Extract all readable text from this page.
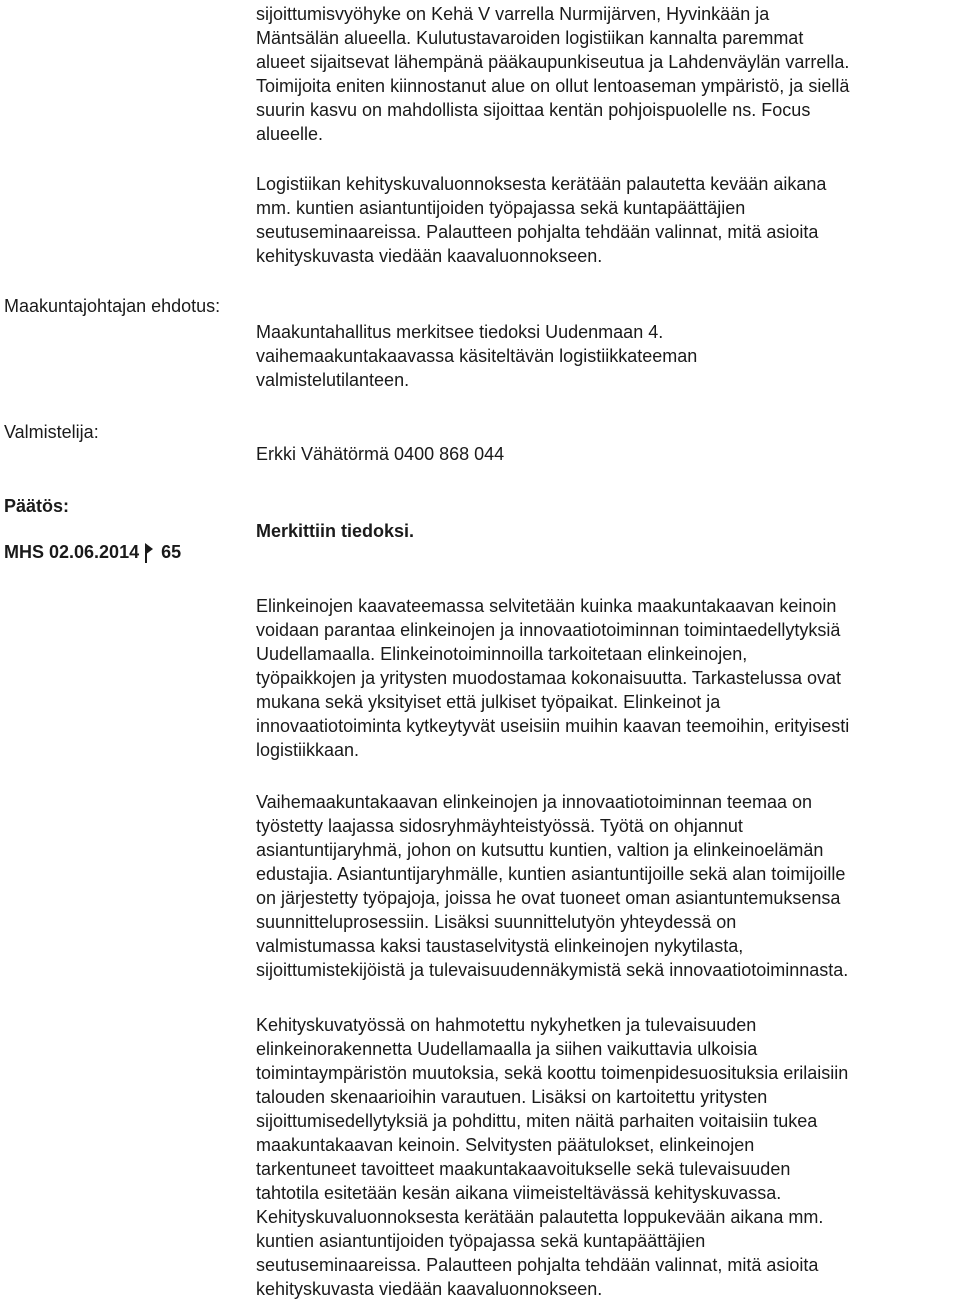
sijoittumisvyöhyke on Kehä V varrella Nurmijärven, Hyvinkään ja
Mäntsälän alueella. Kulutustavaroiden logistiikan kannalta paremmat
alueet sijaitsevat lähempänä pääkaupunkiseutua ja Lahdenväylän varrella.
Toimijoita eniten kiinnostanut alue on ollut lentoaseman ympäristö, ja siellä
suurin kasvu on mahdollista sijoittaa kentän pohjoispuolelle ns. Focus
alueelle.
Logistiikan kehityskuvaluonnoksesta kerätään palautetta kevään aikana
mm. kuntien asiantuntijoiden työpajassa sekä kuntapäättäjien
seutuseminaareissa. Palautteen pohjalta tehdään valinnat, mitä asioita
kehityskuvasta viedään kaavaluonnokseen.
Maakuntajohtajan ehdotus:
Maakuntahallitus merkitsee tiedoksi Uudenmaan 4.
vaihemaakuntakaavassa käsiteltävän logistiikkateeman
valmistelutilanteen.
Valmistelija:
Erkki Vähätörmä 0400 868 044
Päätös:
Merkittiin tiedoksi.
MHS 02.06.2014 65
Elinkeinojen kaavateemassa selvitetään kuinka maakuntakaavan keinoin
voidaan parantaa elinkeinojen ja innovaatiotoiminnan toimintaedellytyksiä
Uudellamaalla. Elinkeinotoiminnoilla tarkoitetaan elinkeinojen,
työpaikkojen ja yritysten muodostamaa kokonaisuutta. Tarkastelussa ovat
mukana sekä yksityiset että julkiset työpaikat. Elinkeinot ja
innovaatiotoiminta kytkeytyvät useisiin muihin kaavan teemoihin, erityisesti
logistiikkaan.
Vaihemaakuntakaavan elinkeinojen ja innovaatiotoiminnan teemaa on
työstetty laajassa sidosryhmäyhteistyössä. Työtä on ohjannut
asiantuntijaryhmä, johon on kutsuttu kuntien, valtion ja elinkeinoelämän
edustajia. Asiantuntijaryhmälle, kuntien asiantuntijoille sekä alan toimijoille
on järjestetty työpajoja, joissa he ovat tuoneet oman asiantuntemuksensa
suunnitteluprosessiin. Lisäksi suunnittelutyön yhteydessä on
valmistumassa kaksi taustaselvitystä elinkeinojen nykytilasta,
sijoittumistekijöistä ja tulevaisuudennäkymistä sekä innovaatiotoiminnasta.
Kehityskuvatyössä on hahmotettu nykyhetken ja tulevaisuuden
elinkeinorakennetta Uudellamaalla ja siihen vaikuttavia ulkoisia
toimintaympäristön muutoksia, sekä koottu toimenpidesuosituksia erilaisiin
talouden skenaarioihin varautuen. Lisäksi on kartoitettu yritysten
sijoittumisedellytyksiä ja pohdittu, miten näitä parhaiten voitaisiin tukea
maakuntakaavan keinoin. Selvitysten päätulokset, elinkeinojen
tarkentuneet tavoitteet maakuntakaavoitukselle sekä tulevaisuuden
tahtotila esitetään kesän aikana viimeisteltävässä kehityskuvassa.
Kehityskuvaluonnoksesta kerätään palautetta loppukevään aikana mm.
kuntien asiantuntijoiden työpajassa sekä kuntapäättäjien
seutuseminaareissa. Palautteen pohjalta tehdään valinnat, mitä asioita
kehityskuvasta viedään kaavaluonnokseen.
